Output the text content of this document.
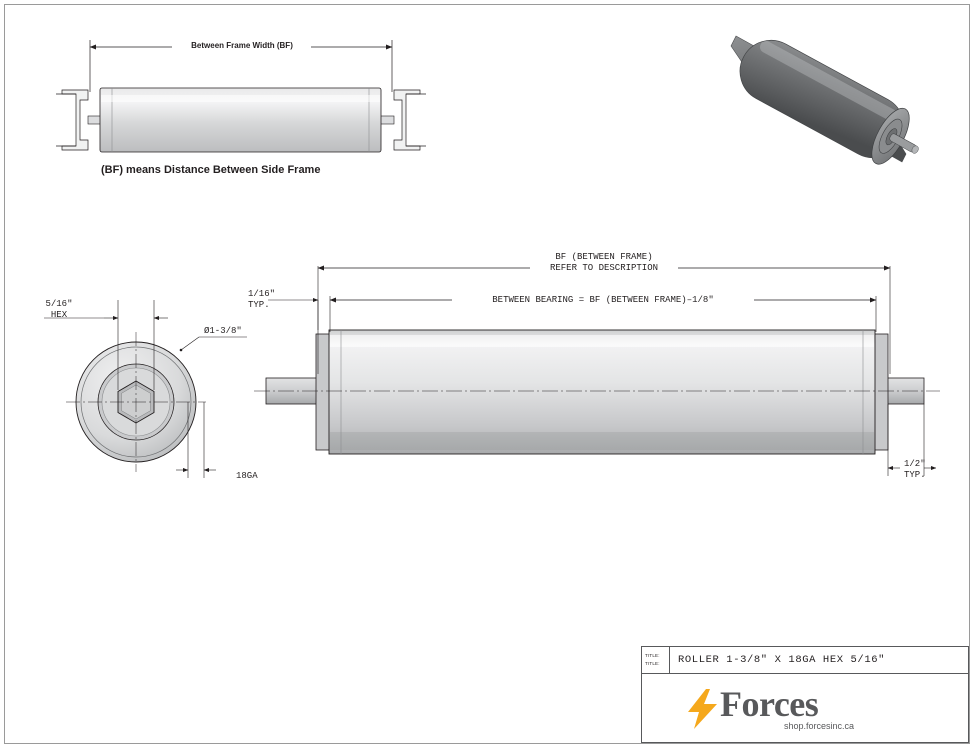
Between Frame Width (BF)
(BF) means Distance Between Side Frame
5/16"
HEX
Ø1-3/8"
18GA
BF (BETWEEN FRAME)
REFER TO DESCRIPTION
BETWEEN BEARING = BF (BETWEEN FRAME)–1/8"
1/16"
TYP.
1/2"
TYP.
TITLE:
TITLE: ROLLER 1-3/8" X 18GA HEX 5/16"
Forces
shop.forcesinc.ca
